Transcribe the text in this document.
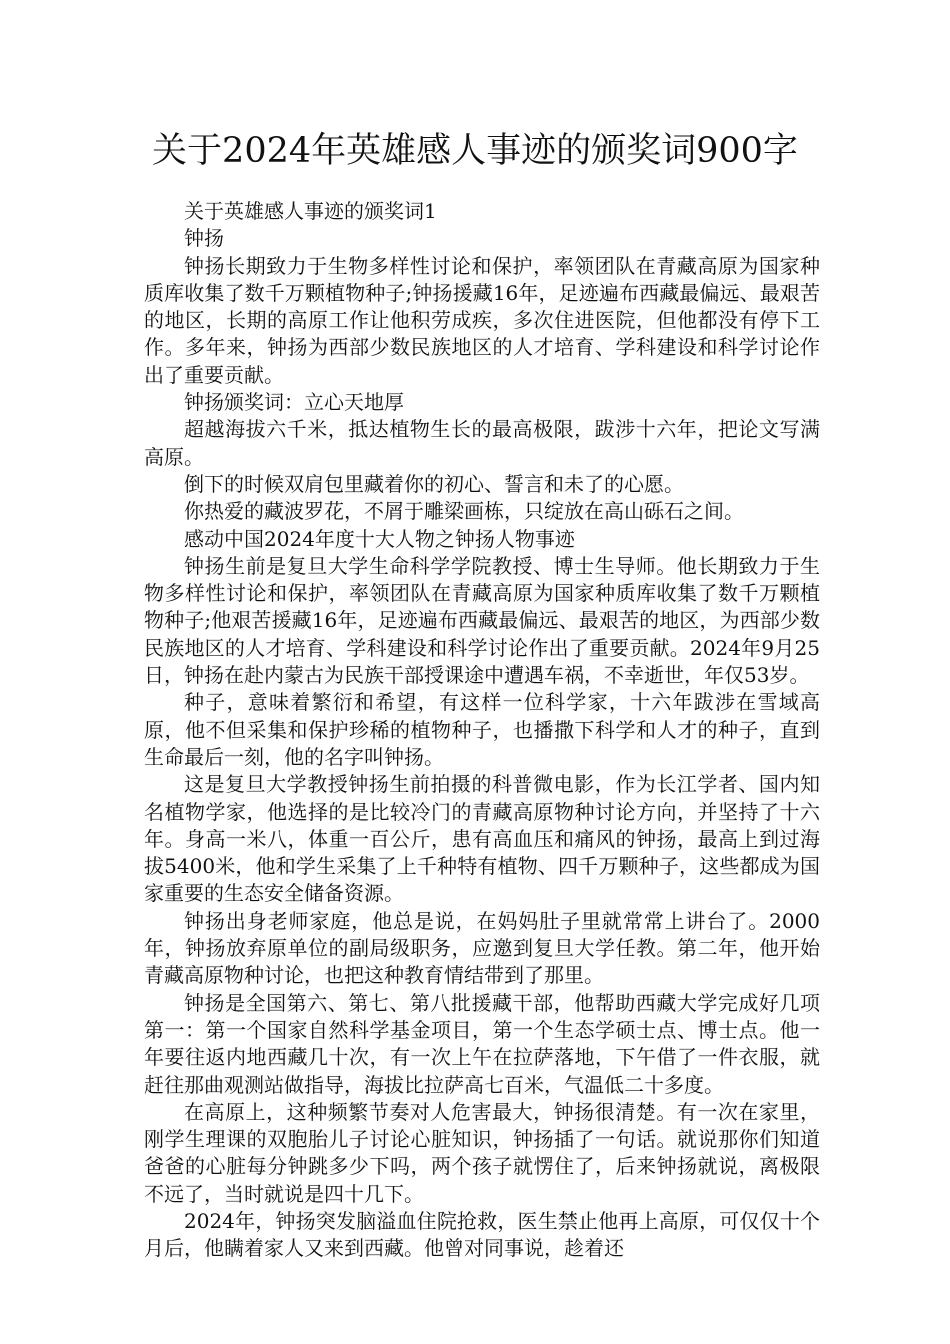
关于2024年英雄感人事迹的颁奖词900字

关于英雄感人事迹的颁奖词1

钟扬

钟扬长期致力于生物多样性讨论和保护，率领团队在青藏高原为国家种质库收集了数千万颗植物种子;钟扬援藏16年，足迹遍布西藏最偏远、最艰苦的地区，长期的高原工作让他积劳成疾，多次住进医院，但他都没有停下工作。多年来，钟扬为西部少数民族地区的人才培育、学科建设和科学讨论作出了重要贡献。

钟扬颁奖词：立心天地厚

超越海拔六千米，抵达植物生长的最高极限，跋涉十六年，把论文写满高原。

倒下的时候双肩包里藏着你的初心、誓言和未了的心愿。

你热爱的藏波罗花，不屑于雕梁画栋，只绽放在高山砾石之间。

感动中国2024年度十大人物之钟扬人物事迹

钟扬生前是复旦大学生命科学学院教授、博士生导师。他长期致力于生物多样性讨论和保护，率领团队在青藏高原为国家种质库收集了数千万颗植物种子;他艰苦援藏16年，足迹遍布西藏最偏远、最艰苦的地区，为西部少数民族地区的人才培育、学科建设和科学讨论作出了重要贡献。2024年9月25日，钟扬在赴内蒙古为民族干部授课途中遭遇车祸，不幸逝世，年仅53岁。

种子，意味着繁衍和希望，有这样一位科学家，十六年跋涉在雪域高原，他不但采集和保护珍稀的植物种子，也播撒下科学和人才的种子，直到生命最后一刻，他的名字叫钟扬。

这是复旦大学教授钟扬生前拍摄的科普微电影，作为长江学者、国内知名植物学家，他选择的是比较冷门的青藏高原物种讨论方向，并坚持了十六年。身高一米八，体重一百公斤，患有高血压和痛风的钟扬，最高上到过海拔5400米，他和学生采集了上千种特有植物、四千万颗种子，这些都成为国家重要的生态安全储备资源。

钟扬出身老师家庭，他总是说，在妈妈肚子里就常常上讲台了。2000年，钟扬放弃原单位的副局级职务，应邀到复旦大学任教。第二年，他开始青藏高原物种讨论，也把这种教育情结带到了那里。

钟扬是全国第六、第七、第八批援藏干部，他帮助西藏大学完成好几项第一：第一个国家自然科学基金项目，第一个生态学硕士点、博士点。他一年要往返内地西藏几十次，有一次上午在拉萨落地，下午借了一件衣服，就赶往那曲观测站做指导，海拔比拉萨高七百米，气温低二十多度。

在高原上，这种频繁节奏对人危害最大，钟扬很清楚。有一次在家里，刚学生理课的双胞胎儿子讨论心脏知识，钟扬插了一句话。就说那你们知道爸爸的心脏每分钟跳多少下吗，两个孩子就愣住了，后来钟扬就说，离极限不远了，当时就说是四十几下。

2024年，钟扬突发脑溢血住院抢救，医生禁止他再上高原，可仅仅十个月后，他瞒着家人又来到西藏。他曾对同事说，趁着还
